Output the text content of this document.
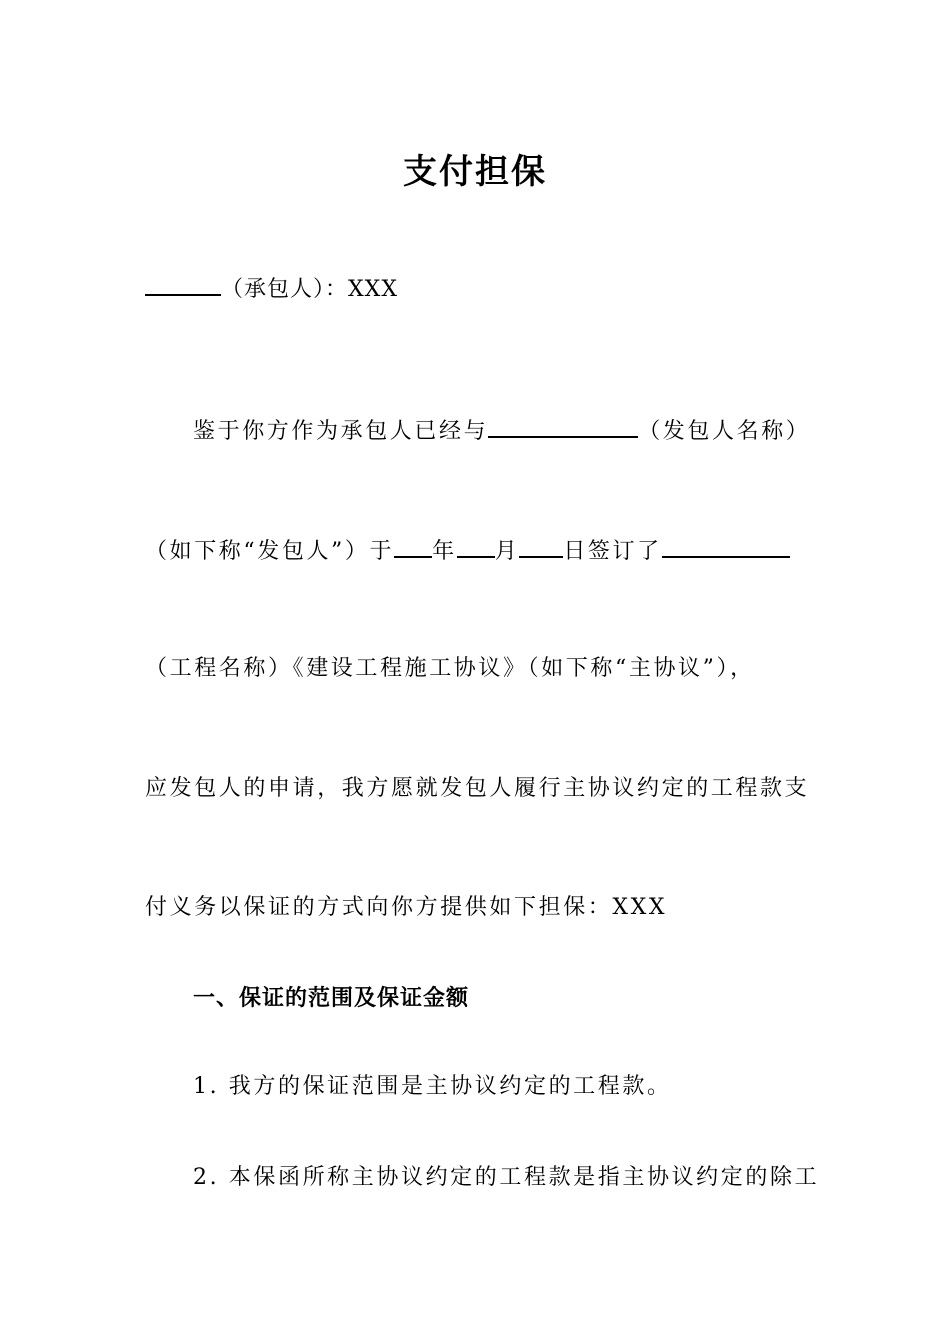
支付担保
（承包人）：XXX
鉴于你方作为承包人已经与	（发包人名称）
（如下称“发包人”）于 年 月 日签订了
（工程名称）《建设工程施工协议》（如下称“主协议”），
应发包人的申请，我方愿就发包人履行主协议约定的工程款支
付义务以保证的方式向你方提供如下担保：XXX
一、保证的范围及保证金额
1. 我方的保证范围是主协议约定的工程款。
2. 本保函所称主协议约定的工程款是指主协议约定的除工
